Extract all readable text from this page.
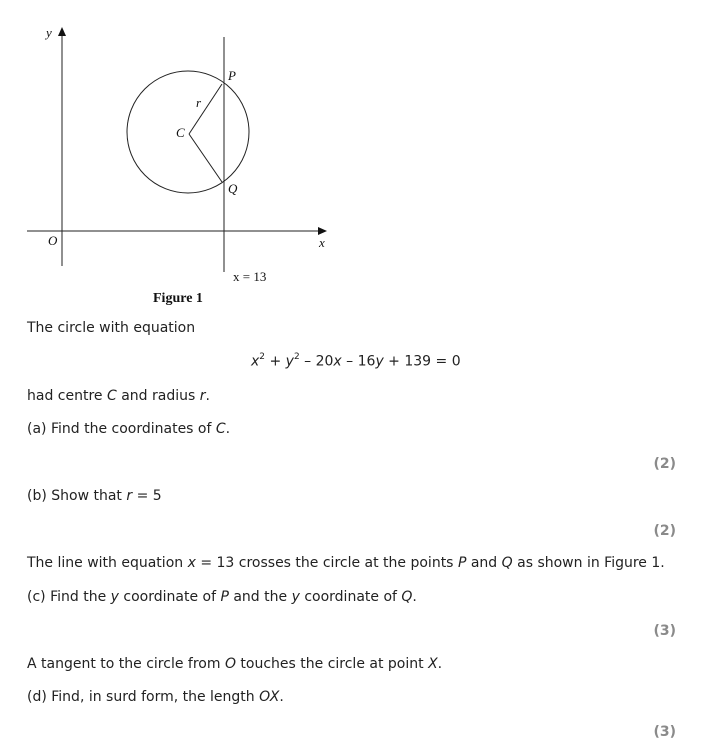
y
x
O
P
Q
C
r
x = 13
Figure 1
The circle with equation
$x^2 + y^2 - 20x - 16y + 139 = 0$
had centre C and radius r.
(a) Find the coordinates of C.
(2)
(b) Show that r = 5
(2)
The line with equation x = 13 crosses the circle at the points P and Q as shown in Figure 1.
(c) Find the y coordinate of P and the y coordinate of Q.
(3)
A tangent to the circle from O touches the circle at point X.
(d) Find, in surd form, the length OX.
(3)
